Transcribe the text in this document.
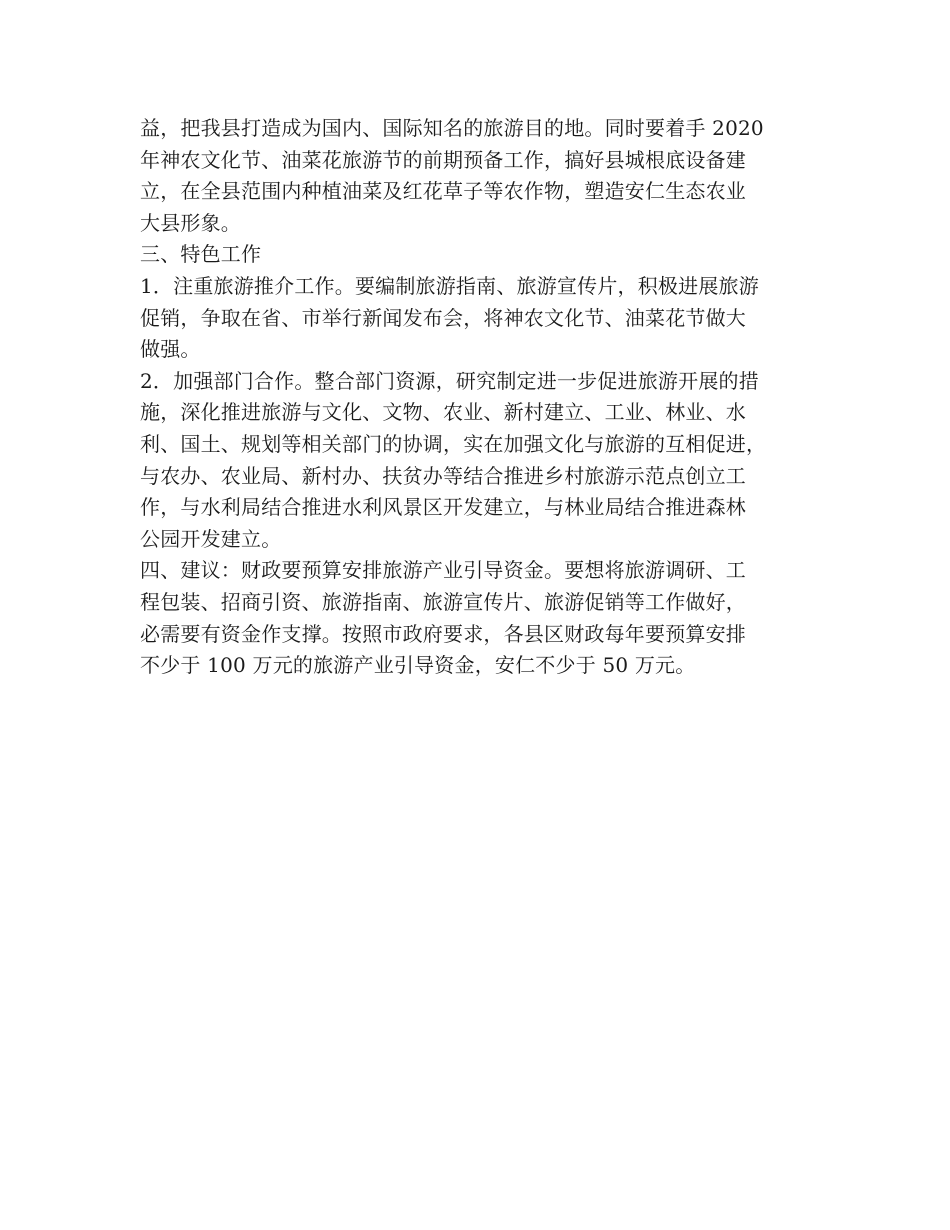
益，把我县打造成为国内、国际知名的旅游目的地。同时要着手 2020
年神农文化节、油菜花旅游节的前期预备工作，搞好县城根底设备建
立，在全县范围内种植油菜及红花草子等农作物，塑造安仁生态农业
大县形象。
三、特色工作
1．注重旅游推介工作。要编制旅游指南、旅游宣传片，积极进展旅游
促销，争取在省、市举行新闻发布会，将神农文化节、油菜花节做大
做强。
2．加强部门合作。整合部门资源，研究制定进一步促进旅游开展的措
施，深化推进旅游与文化、文物、农业、新村建立、工业、林业、水
利、国土、规划等相关部门的协调，实在加强文化与旅游的互相促进，
与农办、农业局、新村办、扶贫办等结合推进乡村旅游示范点创立工
作，与水利局结合推进水利风景区开发建立，与林业局结合推进森林
公园开发建立。
四、建议：财政要预算安排旅游产业引导资金。要想将旅游调研、工
程包装、招商引资、旅游指南、旅游宣传片、旅游促销等工作做好，
必需要有资金作支撑。按照市政府要求，各县区财政每年要预算安排
不少于 100 万元的旅游产业引导资金，安仁不少于 50 万元。
